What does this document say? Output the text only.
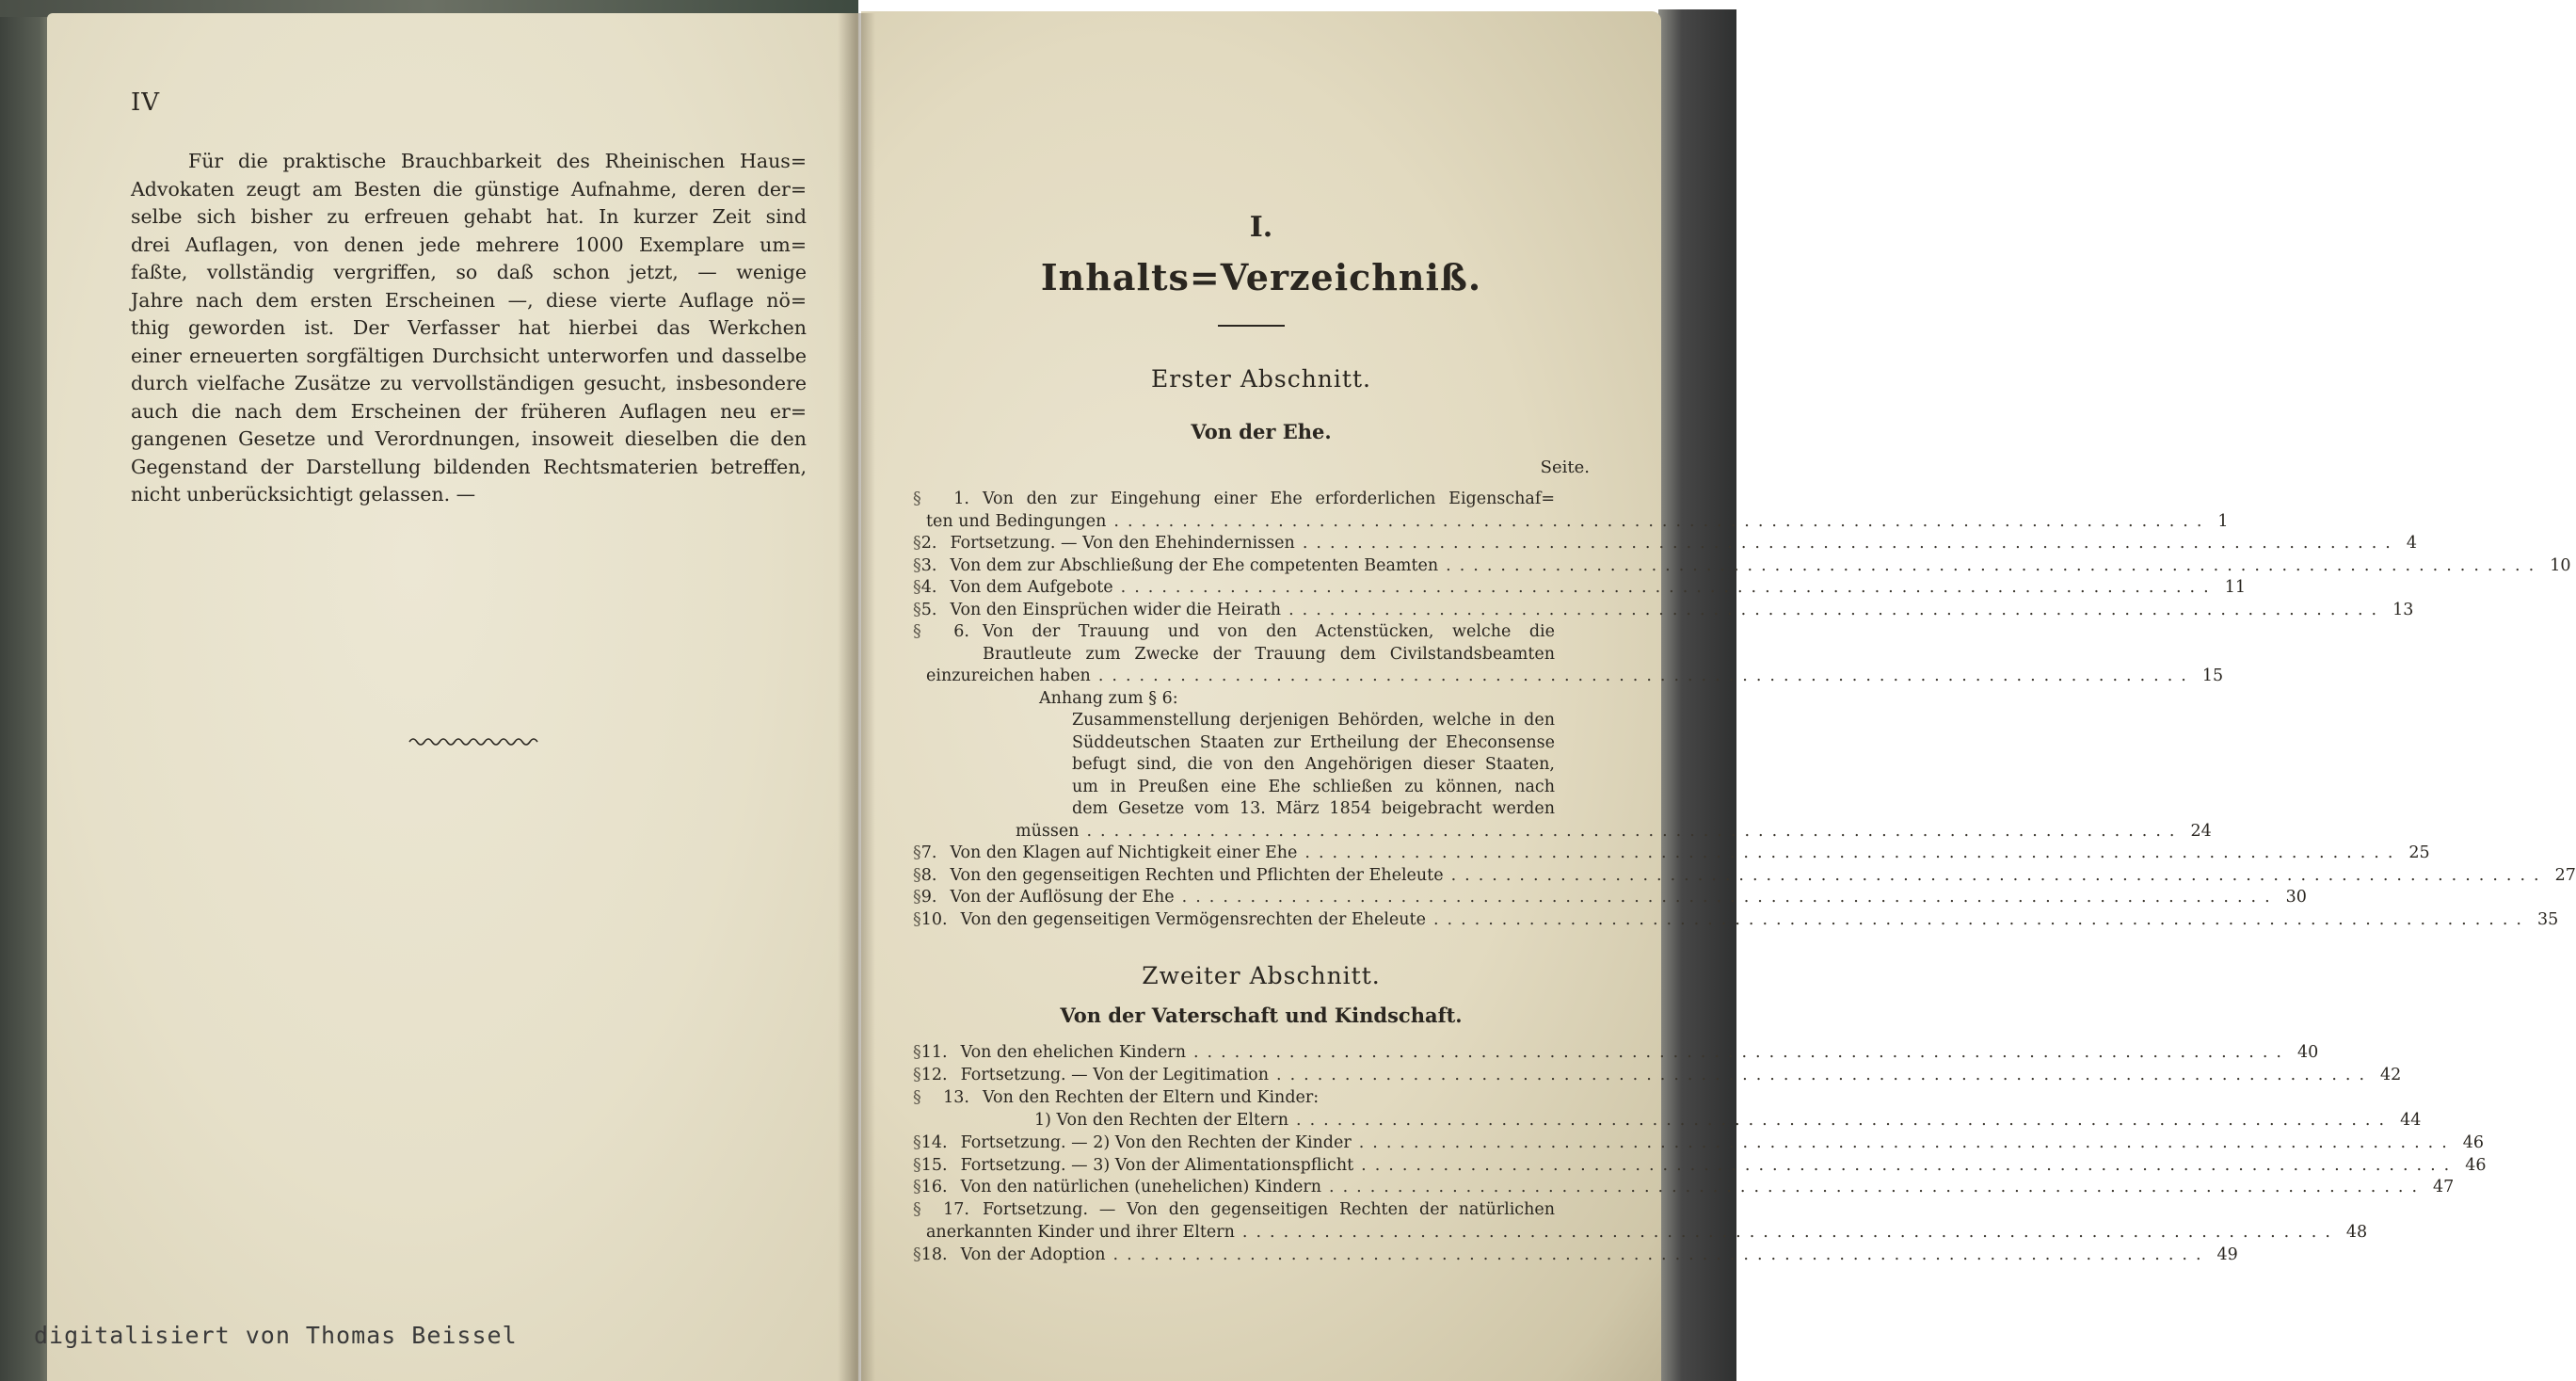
IV
Für die praktische Brauchbarkeit des Rheinischen Haus=
Advokaten zeugt am Besten die günstige Aufnahme, deren der=
selbe sich bisher zu erfreuen gehabt hat. In kurzer Zeit sind
drei Auflagen, von denen jede mehrere 1000 Exemplare um=
faßte, vollständig vergriffen, so daß schon jetzt, — wenige
Jahre nach dem ersten Erscheinen —, diese vierte Auflage nö=
thig geworden ist. Der Verfasser hat hierbei das Werkchen
einer erneuerten sorgfältigen Durchsicht unterworfen und dasselbe
durch vielfache Zusätze zu vervollständigen gesucht, insbesondere
auch die nach dem Erscheinen der früheren Auflagen neu er=
gangenen Gesetze und Verordnungen, insoweit dieselben die den
Gegenstand der Darstellung bildenden Rechtsmaterien betreffen,
nicht unberücksichtigt gelassen. —
I.
Inhalts=Verzeichniß.
Erster Abschnitt.
Von der Ehe.
Seite.
Zweiter Abschnitt.
Von der Vaterschaft und Kindschaft.
§	1. Von den zur Eingehung einer Ehe erforderlichen Eigenschaf=
ten und Bedingungen ................................................................................ 1
§ 2. Fortsetzung. — Von den Ehehindernissen ................................................................................ 4
§ 3. Von dem zur Abschließung der Ehe competenten Beamten ................................................................................ 10
§ 4. Von dem Aufgebote ................................................................................ 11
§ 5. Von den Einsprüchen wider die Heirath ................................................................................ 13
§	6. Von der Trauung und von den Actenstücken, welche die
Brautleute zum Zwecke der Trauung dem Civilstandsbeamten
einzureichen haben ................................................................................ 15
Anhang zum § 6:
Zusammenstellung derjenigen Behörden, welche in den
Süddeutschen Staaten zur Ertheilung der Eheconsense
befugt sind, die von den Angehörigen dieser Staaten,
um in Preußen eine Ehe schließen zu können, nach
dem Gesetze vom 13. März 1854 beigebracht werden
müssen ................................................................................ 24
§ 7. Von den Klagen auf Nichtigkeit einer Ehe ................................................................................ 25
§ 8. Von den gegenseitigen Rechten und Pflichten der Eheleute ................................................................................ 27
§ 9. Von der Auflösung der Ehe ................................................................................ 30
§ 10. Von den gegenseitigen Vermögensrechten der Eheleute ................................................................................ 35
§ 11. Von den ehelichen Kindern ................................................................................ 40
§ 12. Fortsetzung. — Von der Legitimation ................................................................................ 42
§	13. Von den Rechten der Eltern und Kinder:
1) Von den Rechten der Eltern ................................................................................ 44
§ 14. Fortsetzung. — 2) Von den Rechten der Kinder ................................................................................ 46
§ 15. Fortsetzung. — 3) Von der Alimentationspflicht ................................................................................ 46
§ 16. Von den natürlichen (unehelichen) Kindern ................................................................................ 47
§	17. Fortsetzung. — Von den gegenseitigen Rechten der natürlichen
anerkannten Kinder und ihrer Eltern ................................................................................ 48
§ 18. Von der Adoption ................................................................................ 49
digitalisiert von Thomas Beissel
